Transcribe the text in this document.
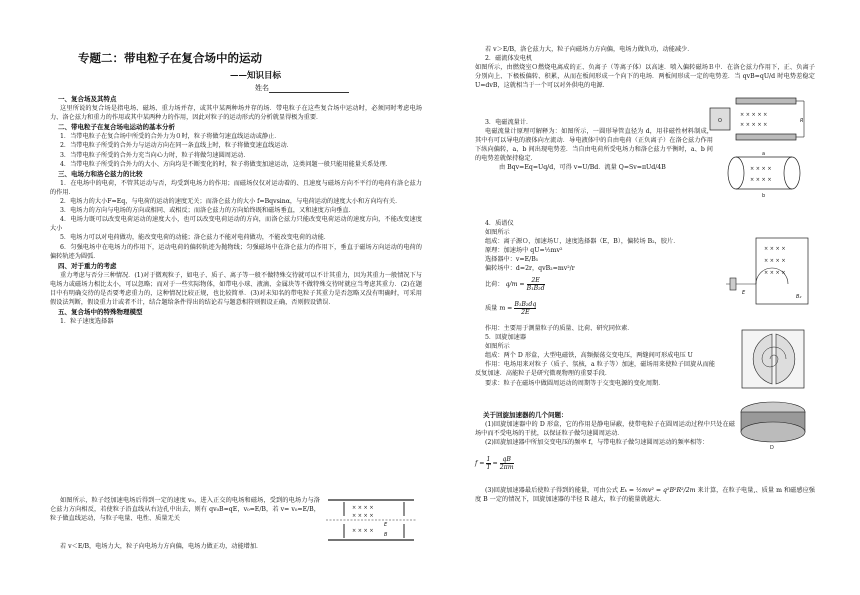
专题二：带电粒子在复合场中的运动
——知识目标
姓名
一、复合场及其特点

这里所说的复合场是指电场、磁场、重力场并存，或其中某两种场并存的场．带电粒子在这些复合场中运动时，必须同时考虑电场力、洛仑兹力和重力的作用或其中某两种力的作用，因此对粒子的运动形式的分析就显得极为重要．

二、带电粒子在复合场电运动的基本分析

1．当带电粒子在复合场中所受的合外力为０时，粒子将做匀速直线运动或静止．

2．当带电粒子所受的合外力与运动方向在同一条直线上时，粒子将做变速直线运动．

3．当带电粒子所受的合外力充当向心力时，粒子将做匀速圆周运动．

4．当带电粒子所受的合外力的大小、方向均是不断变化的时，粒子将做变加速运动，这类问题一般只能用能量关系处理．

三、电场力和洛仑兹力的比较

1．在电场中的电荷，不管其运动与否，均受到电场力的作用；而磁场仅仅对运动着的、且速度与磁场方向不平行的电荷有洛仑兹力的作用．

2．电场力的大小F=Eq，与电荷的运动的速度无关；而洛仑兹力的大小 f=Bqvsinα，与电荷运动的速度大小和方向均有关．

3．电场力的方向与电场的方向或相同、或相反；而洛仑兹力的方向始终既和磁场垂直，又和速度方向垂直．

4．电场力既可以改变电荷运动的速度大小，也可以改变电荷运动的方向，而洛仑兹力只能改变电荷运动的速度方向，不能改变速度大小

5．电场力可以对电荷做功，能改变电荷的动能；洛仑兹力不能对电荷做功，不能改变电荷的动能．

6．匀强电场中在电场力的作用下，运动电荷的偏转轨迹为抛物线；匀强磁场中在洛仑兹力的作用下，垂直于磁场方向运动的电荷的偏转轨迹为圆弧．

四、对于重力的考虑

重力考虑与否分三种情况．(1)对于微观粒子，如电子、质子、离子等一般不做特殊交待就可以不计其重力，因为其重力一般情况下与电场力或磁场力相比太小，可以忽略；而对于一些实际物体，如带电小球、液滴、金属块等不做特殊交待时就应当考虑其重力．(2)在题目中有明确交待的是否要考虑重力的，这种情况比较正规，也比较简单．(3)对未知名的带电粒子其重力是否忽略又没有明确时，可采用假设法判断，假设重力计或者不计，结合题给条件得出的结论若与题意相符则假设正确，否则假设错误．

五、复合场中的特殊物理模型

1．粒子速度选择器

如图所示，粒子经加速电场后得到一定的速度 v₀，进入正交的电场和磁场，受到的电场力与洛仑兹力方向相反，若使粒子沿直线从右边孔中出去，则有 qv₀B=qE，v₀=E/B，若 v= v₀=E/B，粒子做直线运动，与粒子电量、电性、质量无关

若 v＜E/B，电场力大，粒子向电场力方向偏，电场力做正功，动能增加．

× × × ×
× × × ×
× × × ×
E
B

若 v＞E/B，洛仑兹力大，粒子向磁场力方向偏，电场力做负功，动能减少．

2．磁流体发电机

如图所示，由燃烧室Ｏ燃烧电离成的正、负离子（等离子体）以高速．喷入偏转磁场Ｂ中．在洛仑兹力作用下，正、负离子分别向上、下极板偏转、积累，从而在板间形成一个向下的电场．两板间形成一定的电势差．当 qvB=qU/d 时电势差稳定 U=dvB，这就相当于一个可以对外供电的电源．

× × × × ×
× × × × ×
O	R

3．电磁流量计．

电磁流量计原理可解释为：如图所示，一圆形导管直径为 d，用非磁性材料制成，其中有可以导电的液体向左流动．导电液体中的自由电荷（正负离子）在洛仑兹力作用下纵向偏转，a，b 间出现电势差．当自由电荷所受电场力和洛仑兹力平衡时，a、b 间的电势差就保持稳定．

由 Bqv=Eq=Uq/d，可得 v=U/Bd．流量 Q=Sv=πUd/4B	× × × ×
× × × ×
a
b

4．质谱仪

如图所示

组成：离子源Ｏ，加速场Ｕ，速度选择器（E，B），偏转场 B₂，胶片．

原理：加速场中 qU=½mv²

选择器中：v=E/B₁

偏转场中：d=2r，qvB₂=mv²/r

× × × ×
× × × ×
× × × ×
E
B₂
比荷： $q/m = \frac{2E}{\text{B₁B₂d}}$
质量 $m = \frac{\text{B₁B₂dq}}{2E}$

作用：主要用于测量粒子的质量、比荷、研究同位素．

5．回旋加速器

如图所示

组成：两个 D 形盒，大型电磁铁，高频振荡交变电压，两缝间可形成电压 U

作用：电场用来对粒子（质子、氛核，a 粒子等）加速，磁场用来使粒子回旋从而能反复加速．高能粒子是研究微观物理的重要手段．

要求：粒子在磁场中做圆周运动的周期等于交变电源的变化周期．

D

关于回旋加速器的几个问题：

(1)回旋加速器中的 D 形盒，它的作用是静电屏蔽，使带电粒子在圆周运动过程中只处在磁场中而不受电场的干扰，以保证粒子做匀速圆周运动．

(2)回旋加速器中所加交变电压的频率 f，与带电粒子做匀速圆周运动的频率相等：

$f = \frac{1}{T} = \frac{qB}{2\pi m}$

(3)回旋加速器最后使粒子得到的能量，可由公式 Eₖ = ½mv² = q²B²R²/2m 来计算，在粒子电量,、质量 m 和磁感应强度 B 一定的情况下，回旋加速器的半径 R 越大，粒子的能量就越大．
